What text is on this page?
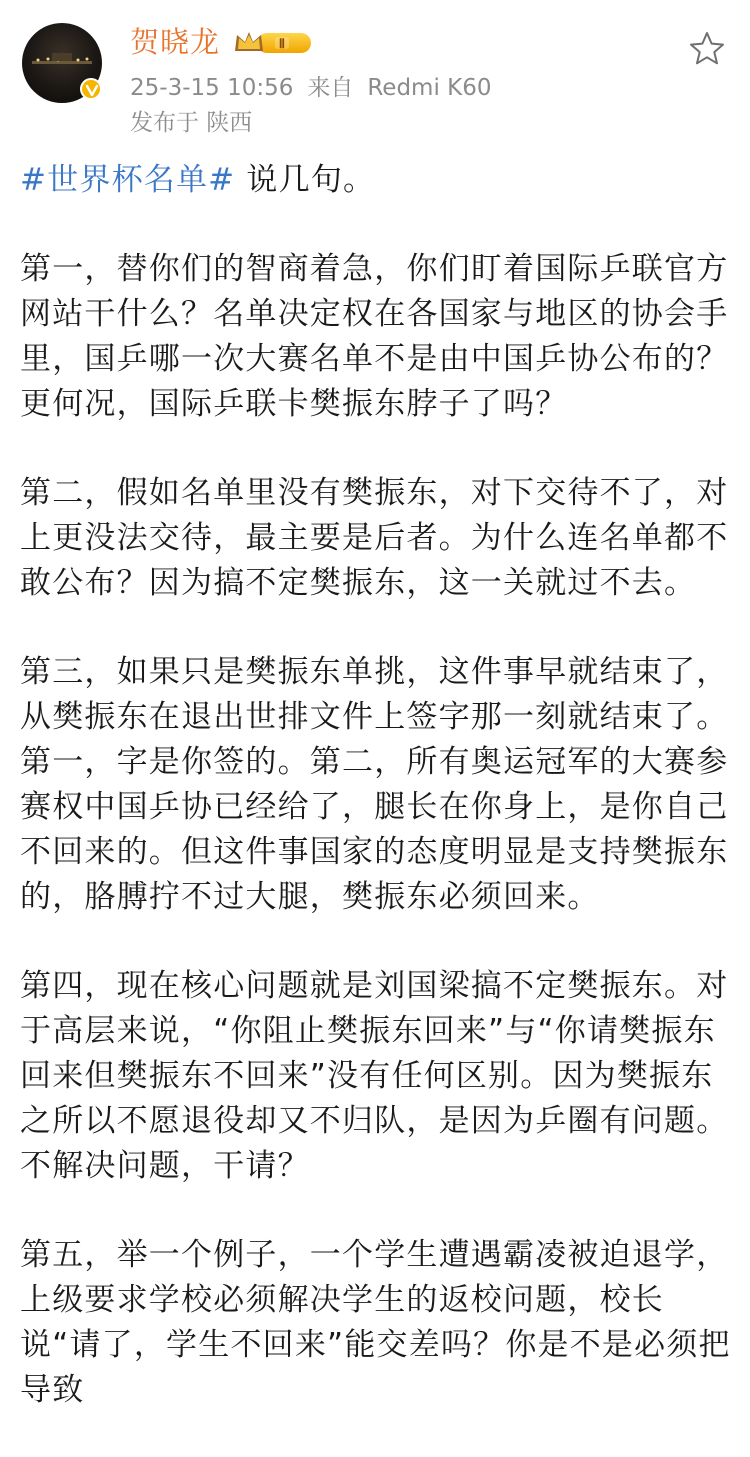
贺晓龙	Ⅱ
25-3-15 10:56 来自 Redmi K60
发布于 陕西

#世界杯名单# 说几句。

第一，替你们的智商着急，你们盯着国际乒联官方网站干什么？名单决定权在各国家与地区的协会手里，国乒哪一次大赛名单不是由中国乒协公布的？更何况，国际乒联卡樊振东脖子了吗？

第二，假如名单里没有樊振东，对下交待不了，对上更没法交待，最主要是后者。为什么连名单都不敢公布？因为搞不定樊振东，这一关就过不去。

第三，如果只是樊振东单挑，这件事早就结束了，从樊振东在退出世排文件上签字那一刻就结束了。第一，字是你签的。第二，所有奥运冠军的大赛参赛权中国乒协已经给了，腿长在你身上，是你自己不回来的。但这件事国家的态度明显是支持樊振东的，胳膊拧不过大腿，樊振东必须回来。

第四，现在核心问题就是刘国梁搞不定樊振东。对于高层来说，“你阻止樊振东回来”与“你请樊振东回来但樊振东不回来”没有任何区别。因为樊振东之所以不愿退役却又不归队，是因为乒圈有问题。不解决问题，干请？

第五，举一个例子，一个学生遭遇霸凌被迫退学，上级要求学校必须解决学生的返校问题，校长说“请了，学生不回来”能交差吗？你是不是必须把导致
